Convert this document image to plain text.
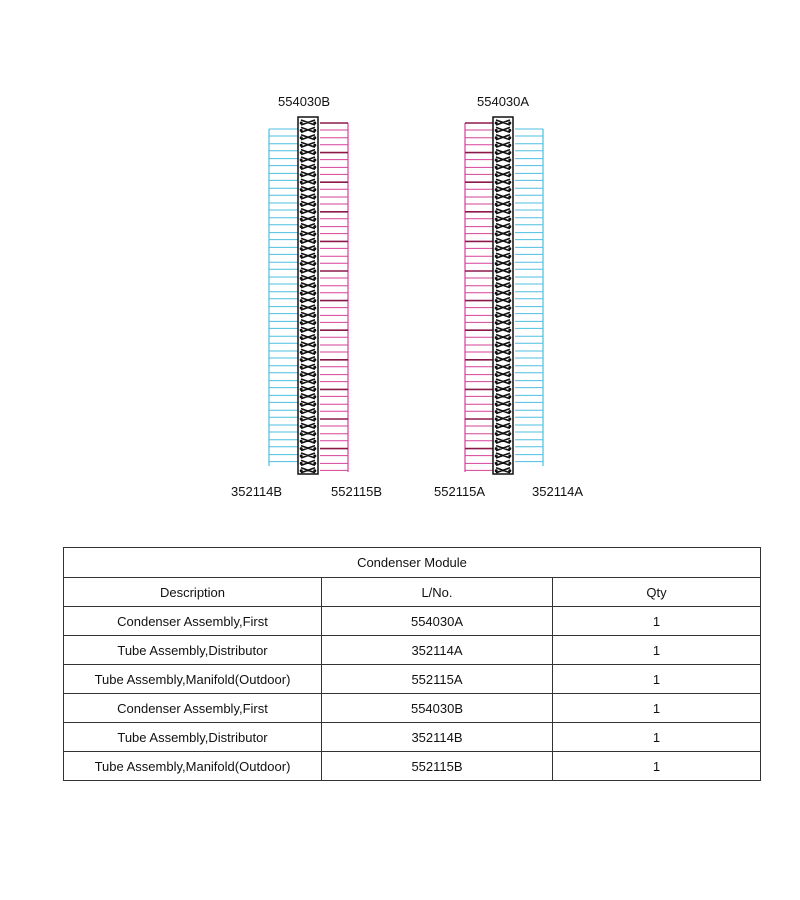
554030B	554030A
352114B	552115B	552115A	352114A
Condenser Module		
Description	L/No.	Qty
Condenser Assembly,First	554030A	1
Tube Assembly,Distributor	352114A	1
Tube Assembly,Manifold(Outdoor)	552115A	1
Condenser Assembly,First	554030B	1
Tube Assembly,Distributor	352114B	1
Tube Assembly,Manifold(Outdoor)	552115B	1
